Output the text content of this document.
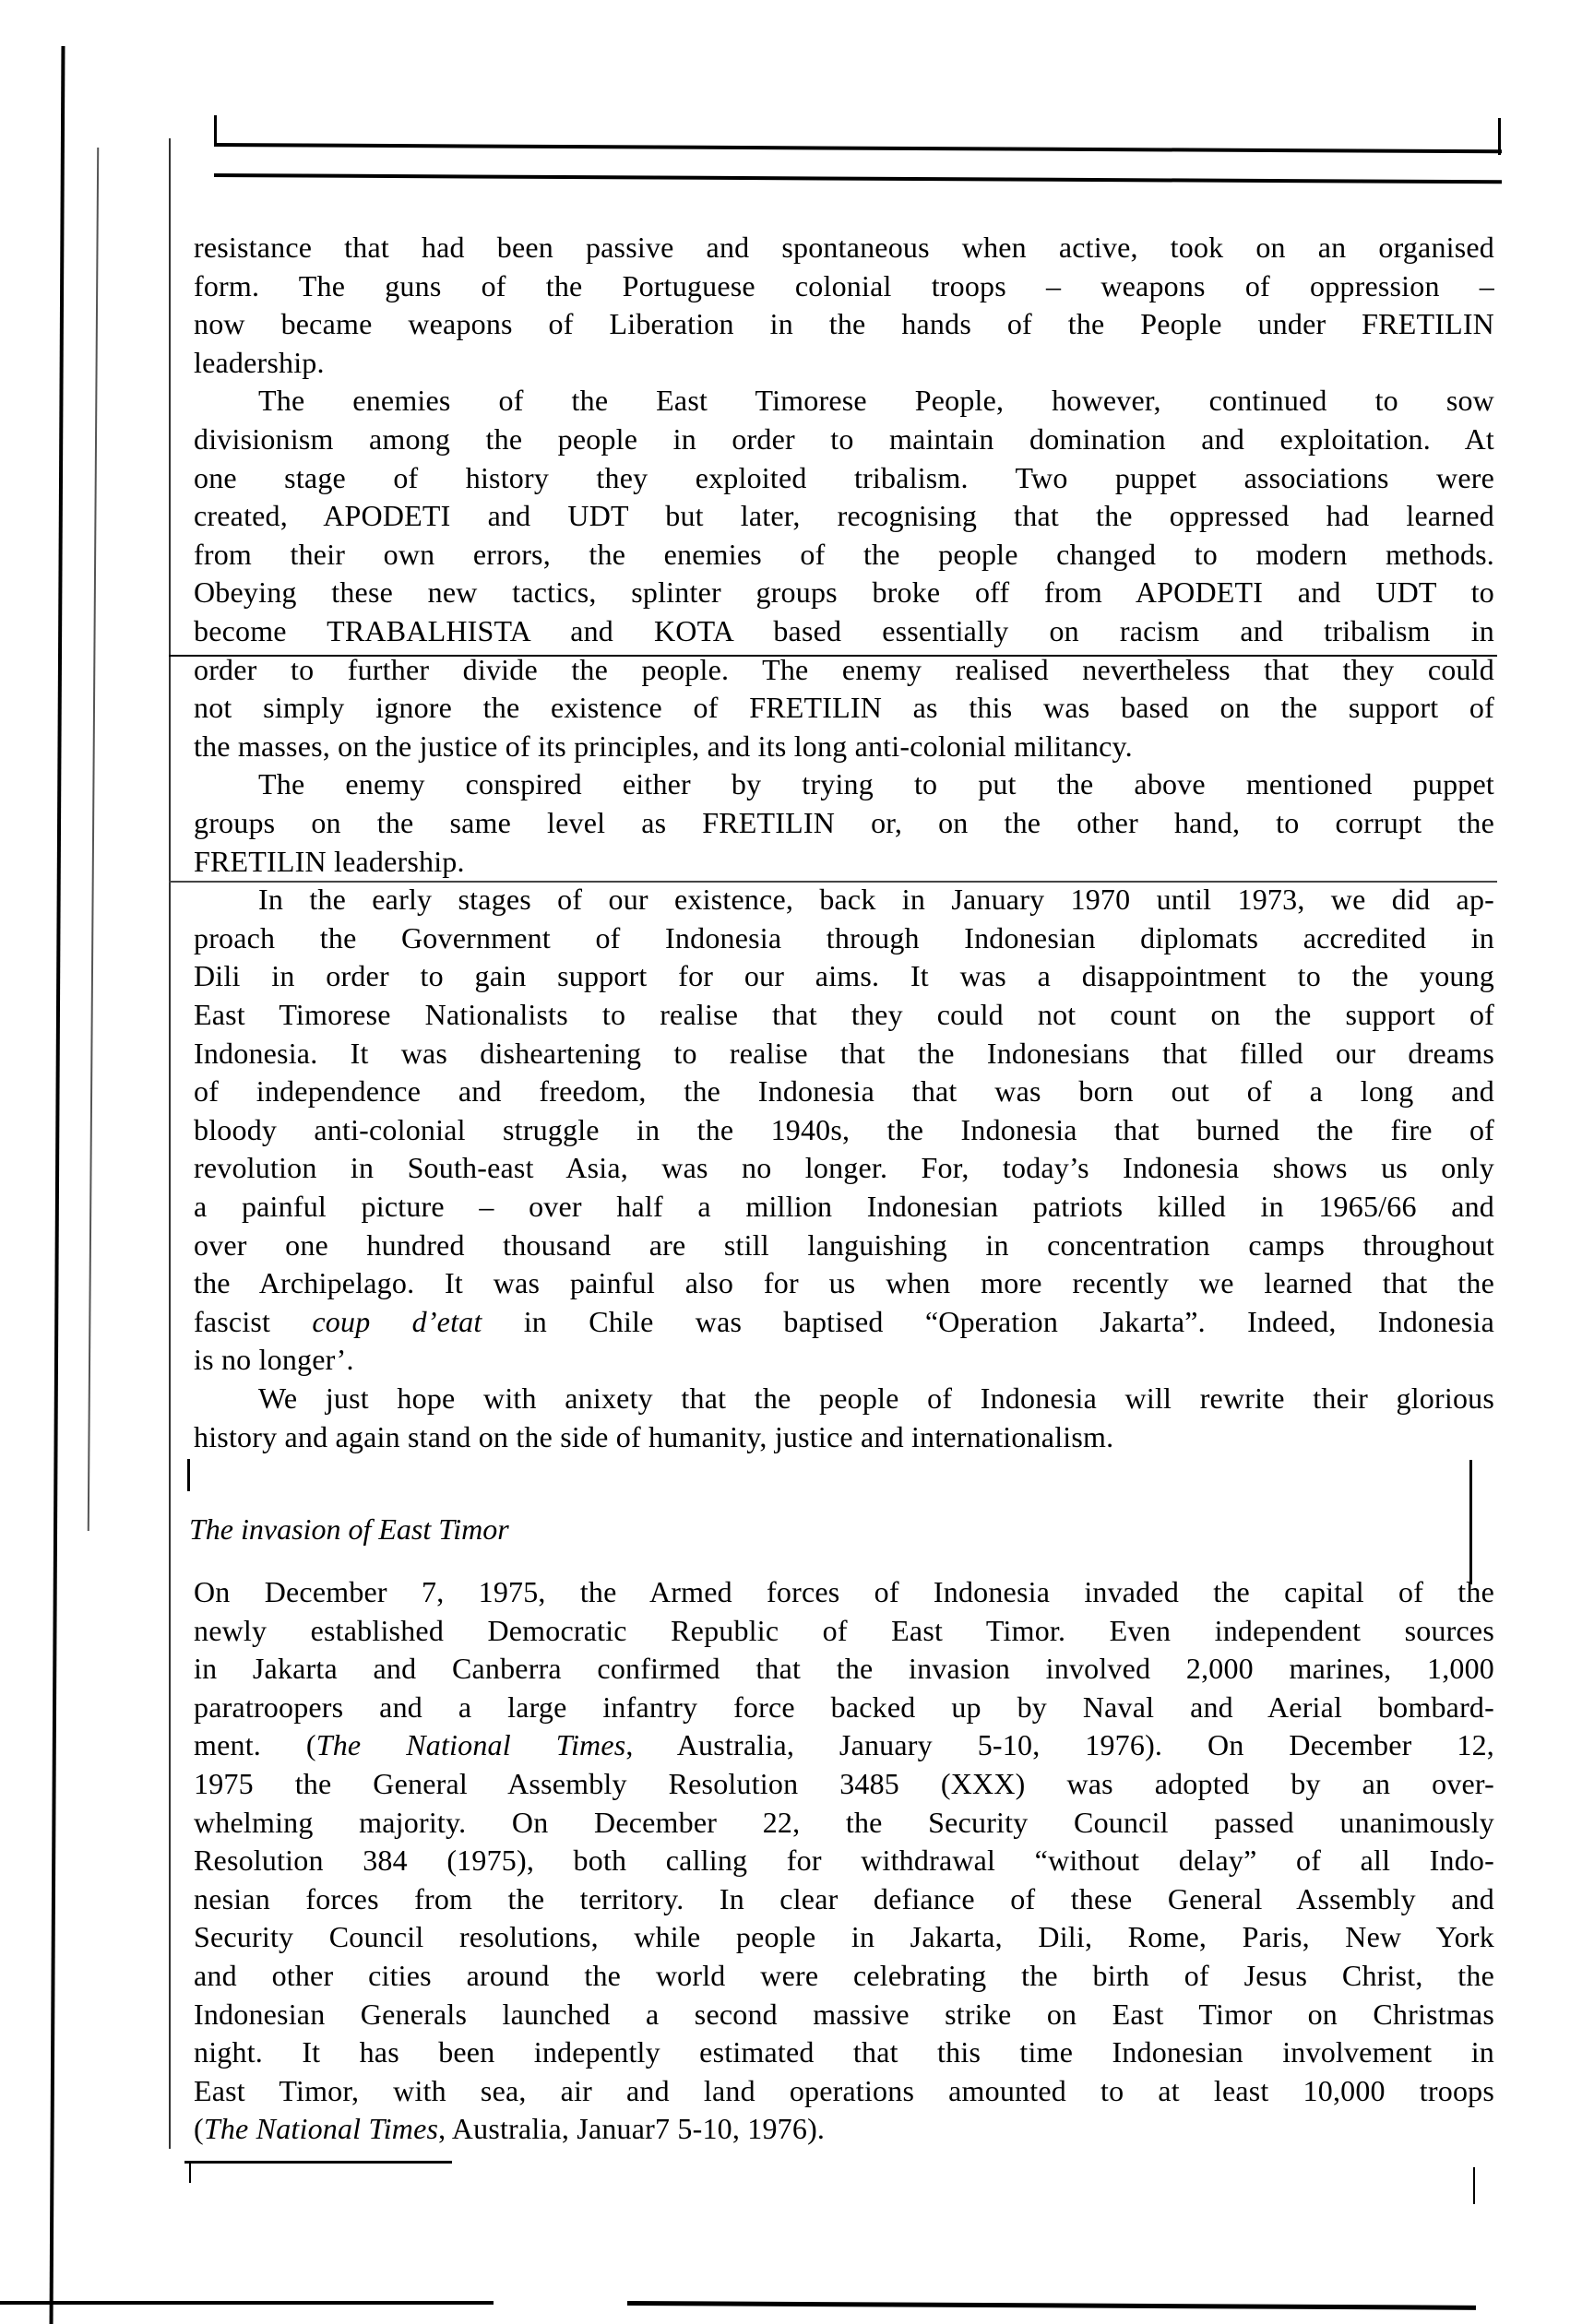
resistance that had been passive and spontaneous when active, took on an organised
form. The guns of the Portuguese colonial troops – weapons of oppression –
now became weapons of Liberation in the hands of the People under FRETILIN
leadership.
The enemies of the East Timorese People, however, continued to sow
divisionism among the people in order to maintain domination and exploitation. At
one stage of history they exploited tribalism. Two puppet associations were
created, APODETI and UDT but later, recognising that the oppressed had learned
from their own errors, the enemies of the people changed to modern methods.
Obeying these new tactics, splinter groups broke off from APODETI and UDT to
become TRABALHISTA and KOTA based essentially on racism and tribalism in
order to further divide the people. The enemy realised nevertheless that they could
not simply ignore the existence of FRETILIN as this was based on the support of
the masses, on the justice of its principles, and its long anti-colonial militancy.
The enemy conspired either by trying to put the above mentioned puppet
groups on the same level as FRETILIN or, on the other hand, to corrupt the
FRETILIN leadership.
In the early stages of our existence, back in January 1970 until 1973, we did ap-
proach the Government of Indonesia through Indonesian diplomats accredited in
Dili in order to gain support for our aims. It was a disappointment to the young
East Timorese Nationalists to realise that they could not count on the support of
Indonesia. It was disheartening to realise that the Indonesians that filled our dreams
of independence and freedom, the Indonesia that was born out of a long and
bloody anti-colonial struggle in the 1940s, the Indonesia that burned the fire of
revolution in South-east Asia, was no longer. For, today’s Indonesia shows us only
a painful picture – over half a million Indonesian patriots killed in 1965/66 and
over one hundred thousand are still languishing in concentration camps throughout
the Archipelago. It was painful also for us when more recently we learned that the
fascist coup d’etat in Chile was baptised “Operation Jakarta”. Indeed, Indonesia
is no longer’.
We just hope with anixety that the people of Indonesia will rewrite their glorious
history and again stand on the side of humanity, justice and internationalism.
The invasion of East Timor
On December 7, 1975, the Armed forces of Indonesia invaded the capital of the
newly established Democratic Republic of East Timor. Even independent sources
in Jakarta and Canberra confirmed that the invasion involved 2,000 marines, 1,000
paratroopers and a large infantry force backed up by Naval and Aerial bombard-
ment. (The National Times, Australia, January 5-10, 1976). On December 12,
1975 the General Assembly Resolution 3485 (XXX) was adopted by an over-
whelming majority. On December 22, the Security Council passed unanimously
Resolution 384 (1975), both calling for withdrawal “without delay” of all Indo-
nesian forces from the territory. In clear defiance of these General Assembly and
Security Council resolutions, while people in Jakarta, Dili, Rome, Paris, New York
and other cities around the world were celebrating the birth of Jesus Christ, the
Indonesian Generals launched a second massive strike on East Timor on Christmas
night. It has been indepently estimated that this time Indonesian involvement in
East Timor, with sea, air and land operations amounted to at least 10,000 troops
(The National Times, Australia, Januar7 5-10, 1976).
